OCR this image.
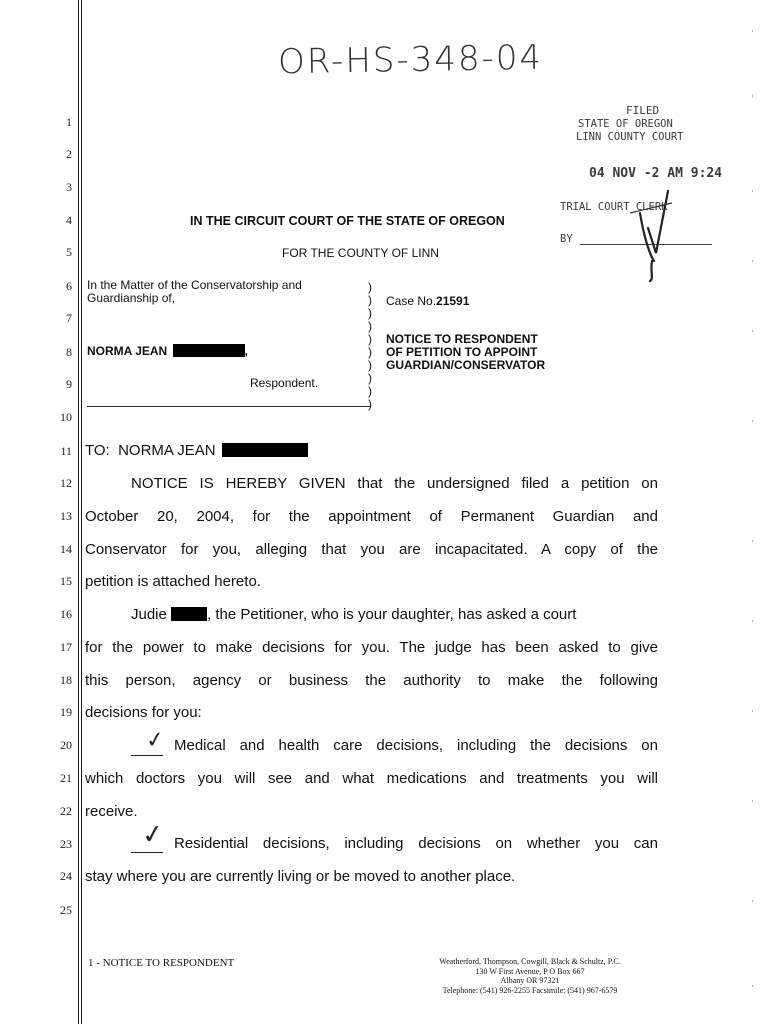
OR-HS-348-04
FILED
STATE OF OREGON
LINN COUNTY COURT
04 NOV -2 AM 9:24
TRIAL COURT CLERK
BY
1
2
3
4
5
6
7
8
9
10
11
12
13
14
15
16
17
18
19
20
21
22
23
24
25
IN THE CIRCUIT COURT OF THE STATE OF OREGON
FOR THE COUNTY OF LINN
In the Matter of the Conservatorship and
Guardianship of,
NORMA JEAN	,
Respondent.
)
)
)
)
)
)
)
)
)
)
Case No.21591
NOTICE TO RESPONDENT
OF PETITION TO APPOINT
GUARDIAN/CONSERVATOR
TO: NORMA JEAN
NOTICE IS HEREBY GIVEN that the undersigned filed a petition on
October 20, 2004, for the appointment of Permanent Guardian and
Conservator for you, alleging that you are incapacitated. A copy of the
petition is attached hereto.
Judie	, the Petitioner, who is your daughter, has asked a court
for the power to make decisions for you. The judge has been asked to give
this person, agency or business the authority to make the following
decisions for you:
✓ Medical and health care decisions, including the decisions on
which doctors you will see and what medications and treatments you will
receive.
✓ Residential decisions, including decisions on whether you can
stay where you are currently living or be moved to another place.
1 - NOTICE TO RESPONDENT	Weatherford, Thompson, Cowgill, Black & Schultz, P.C.
130 W First Avenue, P O Box 667
Albany OR 97321
Telephone: (541) 926-2255 Facsimile: (541) 967-6579
